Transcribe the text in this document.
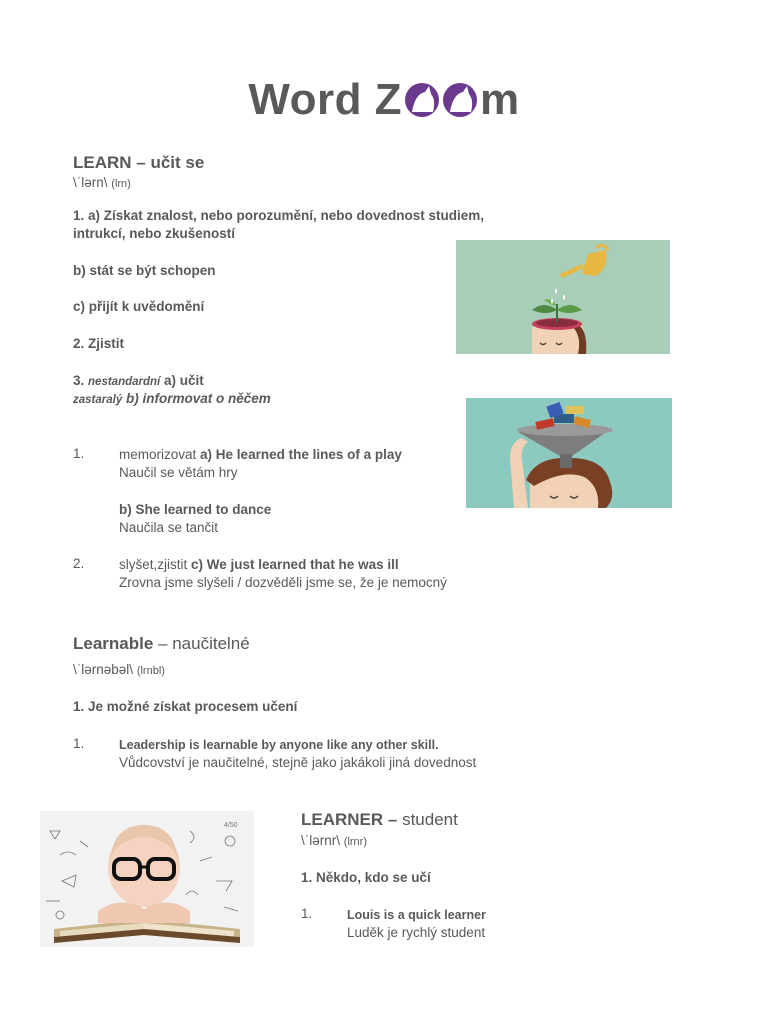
Word Z m
LEARN – učit se
\ˈlərn\ (lrn)
1. a) Získat znalost, nebo porozumění, nebo dovednost studiem,
intrukcí, nebo zkušeností
b) stát se být schopen
c) přijít k uvědomění
2. Zjistit
3. nestandardní a) učit
zastaralý b) informovat o něčem
1.	memorizovat a) He learned the lines of a play
Naučil se větám hry
b) She learned to dance
Naučila se tančit
2.	slyšet,zjistit c) We just learned that he was ill
Zrovna jsme slyšeli / dozvěděli jsme se, že je nemocný
Learnable – naučitelné
\ˈlərnəbəl\ (lrnbl)
1. Je možné získat procesem učení
1.	Leadership is learnable by anyone like any other skill.
Vůdcovství je naučitelné, stejně jako jakákoli jiná dovednost
4/50	LEARNER – student
\ˈlərnr\ (lrnr)
1. Někdo, kdo se učí
1.	Louis is a quick learner
Luděk je rychlý student
